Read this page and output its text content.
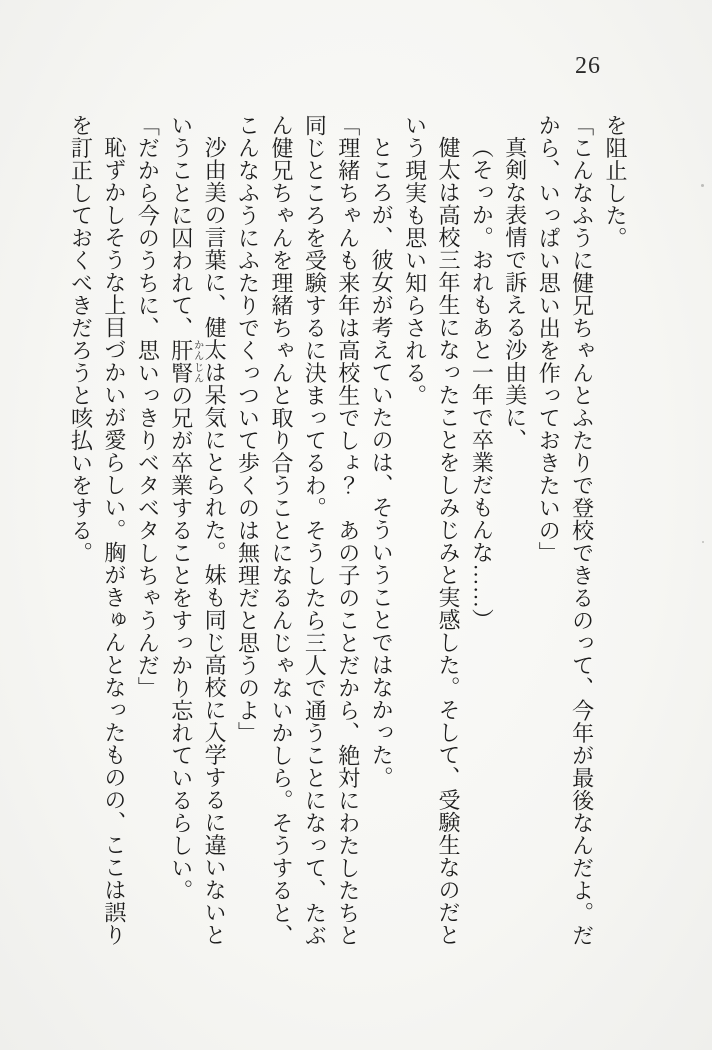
26

を阻止した。

「こんなふうに健兄ちゃんとふたりで登校できるのって、今年が最後なんだよ。だから、いっぱい思い出を作っておきたいの」

真剣な表情で訴える沙由美に、

（そっか。おれもあと一年で卒業だもんな……）

健太は高校三年生になったことをしみじみと実感した。そして、受験生なのだという現実も思い知らされる。

ところが、彼女が考えていたのは、そういうことではなかった。

「理緒ちゃんも来年は高校生でしょ？　あの子のことだから、絶対にわたしたちと同じところを受験するに決まってるわ。そうしたら三人で通うことになって、たぶん健兄ちゃんを理緒ちゃんと取り合うことになるんじゃないかしら。そうすると、こんなふうにふたりでくっついて歩くのは無理だと思うのよ」

沙由美の言葉に、健太は呆気にとられた。妹も同じ高校に入学するに違いないということに囚われて、肝腎かんじんの兄が卒業することをすっかり忘れているらしい。

「だから今のうちに、思いっきりベタベタしちゃうんだ」

恥ずかしそうな上目づかいが愛らしい。胸がきゅんとなったものの、ここは誤りを訂正しておくべきだろうと咳払いをする。
